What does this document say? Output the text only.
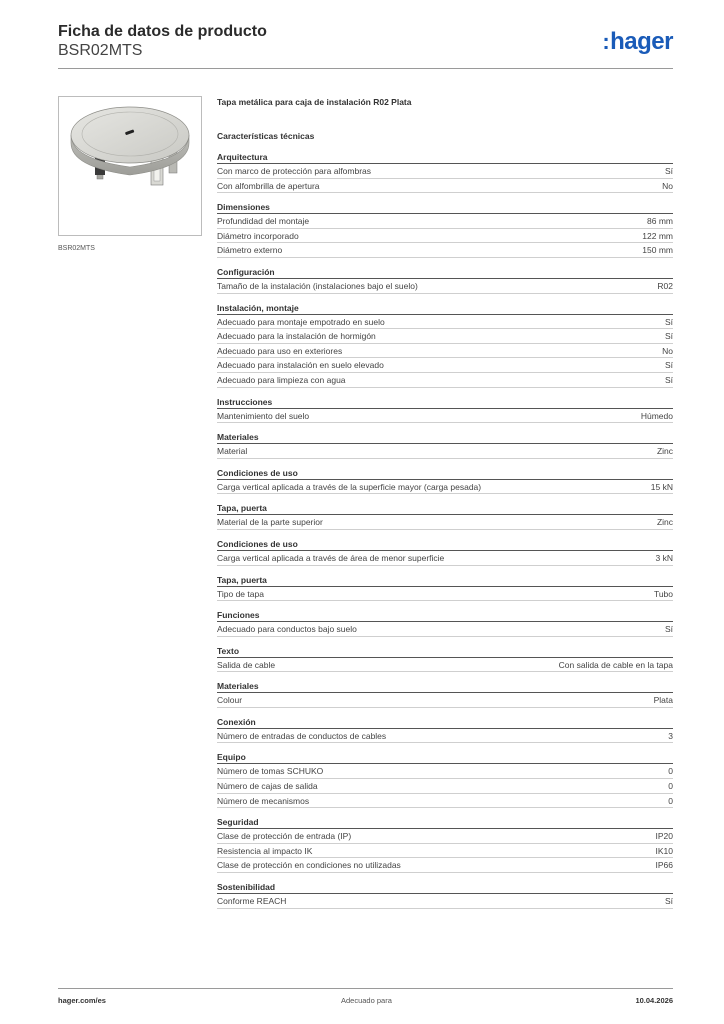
Ficha de datos de producto
BSR02MTS	:hager
BSR02MTS
Tapa metálica para caja de instalación R02 Plata
Características técnicas
Arquitectura
Con marco de protección para alfombras	Sí
Con alfombrilla de apertura	No
Dimensiones
Profundidad del montaje	86 mm
Diámetro incorporado	122 mm
Diámetro externo	150 mm
Configuración
Tamaño de la instalación (instalaciones bajo el suelo)	R02
Instalación, montaje
Adecuado para montaje empotrado en suelo	Sí
Adecuado para la instalación de hormigón	Sí
Adecuado para uso en exteriores	No
Adecuado para instalación en suelo elevado	Sí
Adecuado para limpieza con agua	Sí
Instrucciones
Mantenimiento del suelo	Húmedo
Materiales
Material	Zinc
Condiciones de uso
Carga vertical aplicada a través de la superficie mayor (carga pesada)	15 kN
Tapa, puerta
Material de la parte superior	Zinc
Condiciones de uso
Carga vertical aplicada a través de área de menor superficie	3 kN
Tapa, puerta
Tipo de tapa	Tubo
Funciones
Adecuado para conductos bajo suelo	Sí
Texto
Salida de cable	Con salida de cable en la tapa
Materiales
Colour	Plata
Conexión
Número de entradas de conductos de cables	3
Equipo
Número de tomas SCHUKO	0
Número de cajas de salida	0
Número de mecanismos	0
Seguridad
Clase de protección de entrada (IP)	IP20
Resistencia al impacto IK	IK10
Clase de protección en condiciones no utilizadas	IP66
Sostenibilidad
Conforme REACH	Sí
hager.com/es	Adecuado para	10.04.2026
